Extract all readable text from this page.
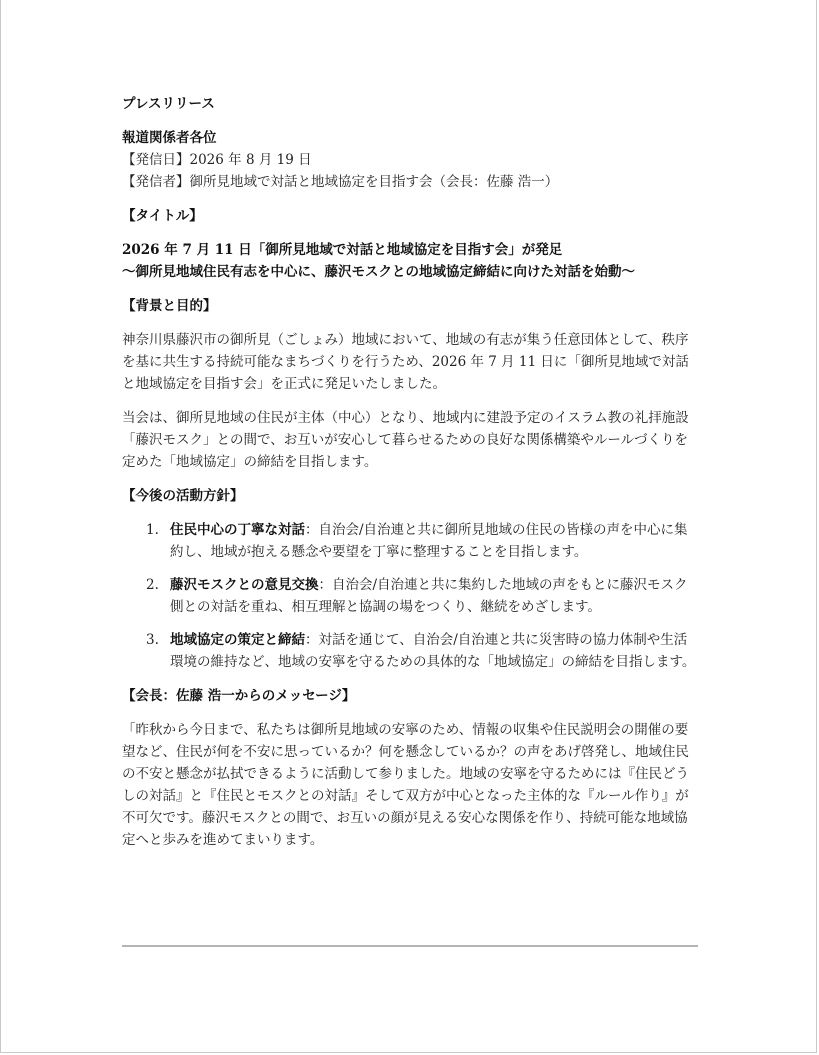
プレスリリース

報道関係者各位

【発信日】2026 年 8 月 19 日

【発信者】御所見地域で対話と地域協定を目指す会（会長：佐藤 浩一）

【タイトル】

2026 年 7 月 11 日「御所見地域で対話と地域協定を目指す会」が発足

〜御所見地域住民有志を中心に、藤沢モスクとの地域協定締結に向けた対話を始動〜

【背景と目的】

神奈川県藤沢市の御所見（ごしょみ）地域において、地域の有志が集う任意団体として、秩序を基に共生する持続可能なまちづくりを行うため、2026 年 7 月 11 日に「御所見地域で対話と地域協定を目指す会」を正式に発足いたしました。

当会は、御所見地域の住民が主体（中心）となり、地域内に建設予定のイスラム教の礼拝施設「藤沢モスク」との間で、お互いが安心して暮らせるための良好な関係構築やルールづくりを定めた「地域協定」の締結を目指します。

【今後の活動方針】
1. 住民中心の丁寧な対話：自治会/自治連と共に御所見地域の住民の皆様の声を中心に集約し、地域が抱える懸念や要望を丁寧に整理することを目指します。
2. 藤沢モスクとの意見交換：自治会/自治連と共に集約した地域の声をもとに藤沢モスク側との対話を重ね、相互理解と協調の場をつくり、継続をめざします。
3. 地域協定の策定と締結：対話を通じて、自治会/自治連と共に災害時の協力体制や生活環境の維持など、地域の安寧を守るための具体的な「地域協定」の締結を目指します。
【会長：佐藤 浩一からのメッセージ】

「昨秋から今日まで、私たちは御所見地域の安寧のため、情報の収集や住民説明会の開催の要望など、住民が何を不安に思っているか？何を懸念しているか？の声をあげ啓発し、地域住民の不安と懸念が払拭できるように活動して参りました。地域の安寧を守るためには『住民どうしの対話』と『住民とモスクとの対話』そして双方が中心となった主体的な『ルール作り』が不可欠です。藤沢モスクとの間で、お互いの顔が見える安心な関係を作り、持続可能な地域協定へと歩みを進めてまいります。
